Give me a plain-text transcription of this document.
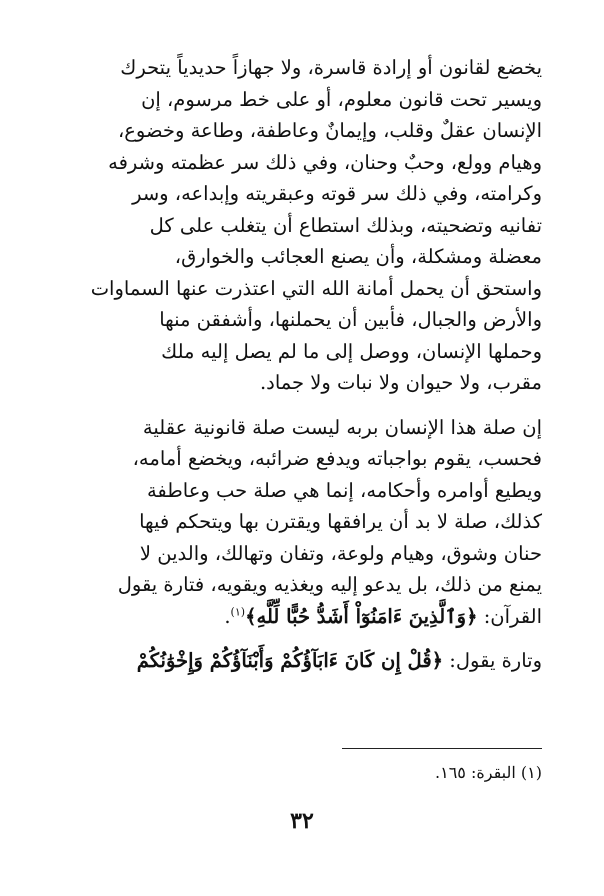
يخضع لقانون أو إرادة قاسرة، ولا جهازاً حديدياً يتحرك
ويسير تحت قانون معلوم، أو على خط مرسوم، إن
الإنسان عقلٌ وقلب، وإيمانٌ وعاطفة، وطاعة وخضوع،
وهيام وولع، وحبٌ وحنان، وفي ذلك سر عظمته وشرفه
وكرامته، وفي ذلك سر قوته وعبقريته وإبداعه، وسر
تفانيه وتضحيته، وبذلك استطاع أن يتغلب على كل
معضلة ومشكلة، وأن يصنع العجائب والخوارق،
واستحق أن يحمل أمانة الله التي اعتذرت عنها السماوات
والأرض والجبال، فأبين أن يحملنها، وأشفقن منها
وحملها الإنسان، ووصل إلى ما لم يصل إليه ملك
مقرب، ولا حيوان ولا نبات ولا جماد.

إن صلة هذا الإنسان بربه ليست صلة قانونية عقلية
فحسب، يقوم بواجباته ويدفع ضرائبه، ويخضع أمامه،
ويطيع أوامره وأحكامه، إنما هي صلة حب وعاطفة
كذلك، صلة لا بد أن يرافقها ويقترن بها ويتحكم فيها
حنان وشوق، وهيام ولوعة، وتفان وتهالك، والدين لا
يمنع من ذلك، بل يدعو إليه ويغذيه ويقويه، فتارة يقول
القرآن: ﴿وَٱلَّذِينَ ءَامَنُوٓاْ أَشَدُّ حُبًّا لِّلَّهِ﴾$^{(١)}$.

وتارة يقول: ﴿قُلْ إِن كَانَ ءَابَآؤُكُمْ وَأَبْنَآؤُكُمْ وَإِخْوَٰنُكُمْ

(١) البقرة: ١٦٥.
٣٢
